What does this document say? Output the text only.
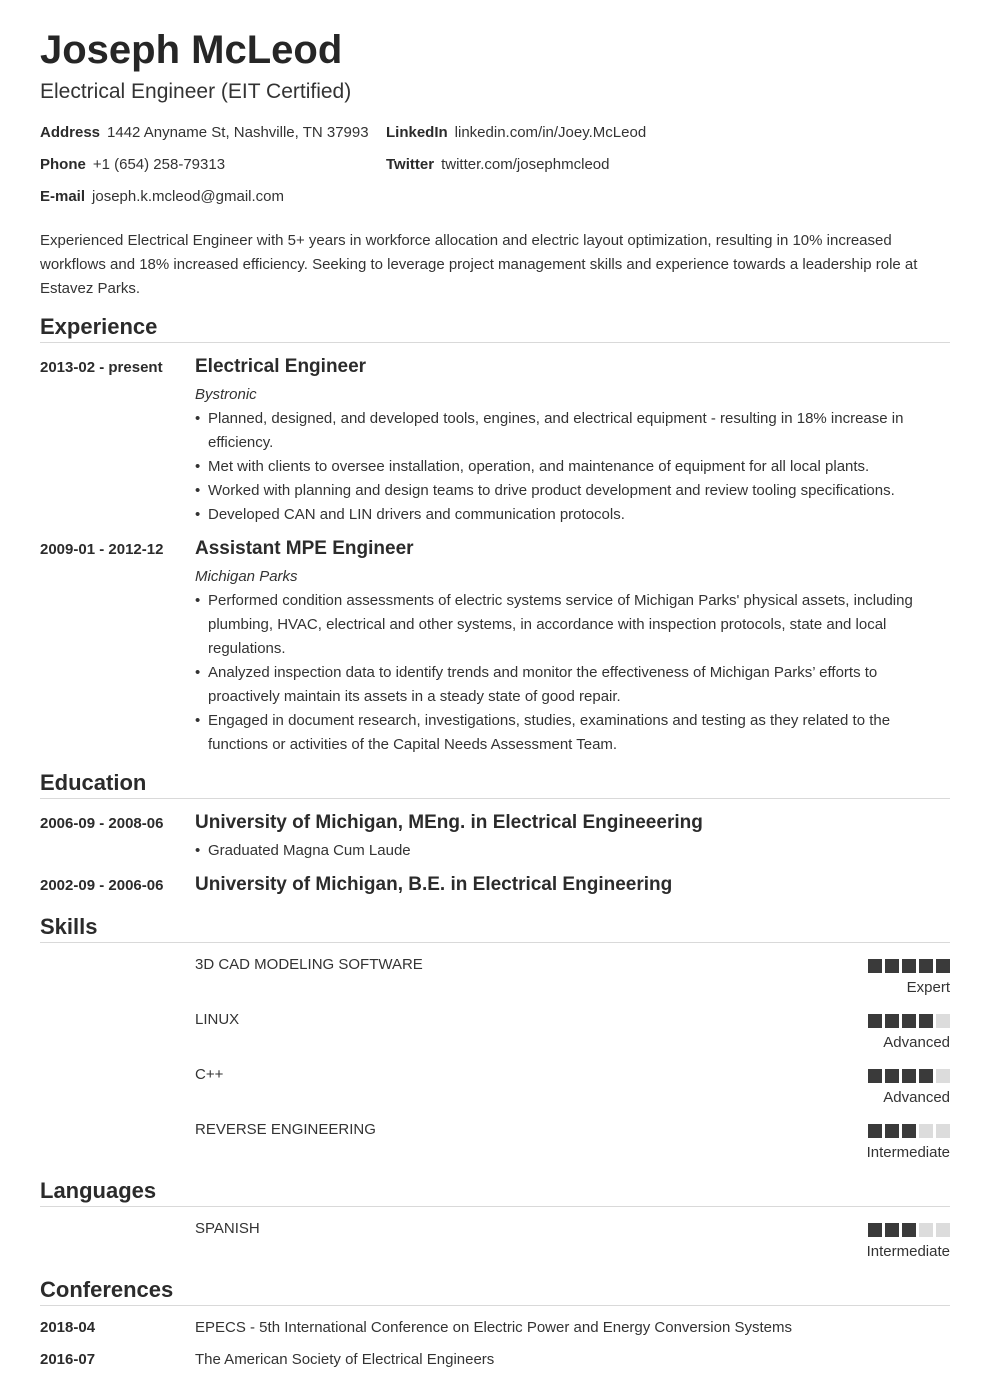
Joseph McLeod
Electrical Engineer (EIT Certified)
Address 1442 Anyname St, Nashville, TN 37993 LinkedIn linkedin.com/in/Joey.McLeod
Phone +1 (654) 258-79313	Twitter twitter.com/josephmcleod
E-mail joseph.k.mcleod@gmail.com
Experienced Electrical Engineer with 5+ years in workforce allocation and electric layout optimization, resulting in 10% increased workflows and 18% increased efficiency. Seeking to leverage project management skills and experience towards a leadership role at Estavez Parks.
Experience
2013-02 - present Electrical Engineer
Bystronic
• Planned, designed, and developed tools, engines, and electrical equipment - resulting in 18% increase in efficiency.
• Met with clients to oversee installation, operation, and maintenance of equipment for all local plants.
• Worked with planning and design teams to drive product development and review tooling specifications.
• Developed CAN and LIN drivers and communication protocols.
2009-01 - 2012-12 Assistant MPE Engineer
Michigan Parks
• Performed condition assessments of electric systems service of Michigan Parks' physical assets, including plumbing, HVAC, electrical and other systems, in accordance with inspection protocols, state and local regulations.
• Analyzed inspection data to identify trends and monitor the effectiveness of Michigan Parks’ efforts to proactively maintain its assets in a steady state of good repair.
• Engaged in document research, investigations, studies, examinations and testing as they related to the functions or activities of the Capital Needs Assessment Team.
Education
2006-09 - 2008-06 University of Michigan, MEng. in Electrical Engineeering
• Graduated Magna Cum Laude
2002-09 - 2006-06 University of Michigan, B.E. in Electrical Engineering
Skills
3D CAD MODELING SOFTWARE
Expert
LINUX
Advanced
C++
Advanced
REVERSE ENGINEERING
Intermediate
Languages
SPANISH
Intermediate
Conferences
2018-04	EPECS - 5th International Conference on Electric Power and Energy Conversion Systems
2016-07	The American Society of Electrical Engineers
